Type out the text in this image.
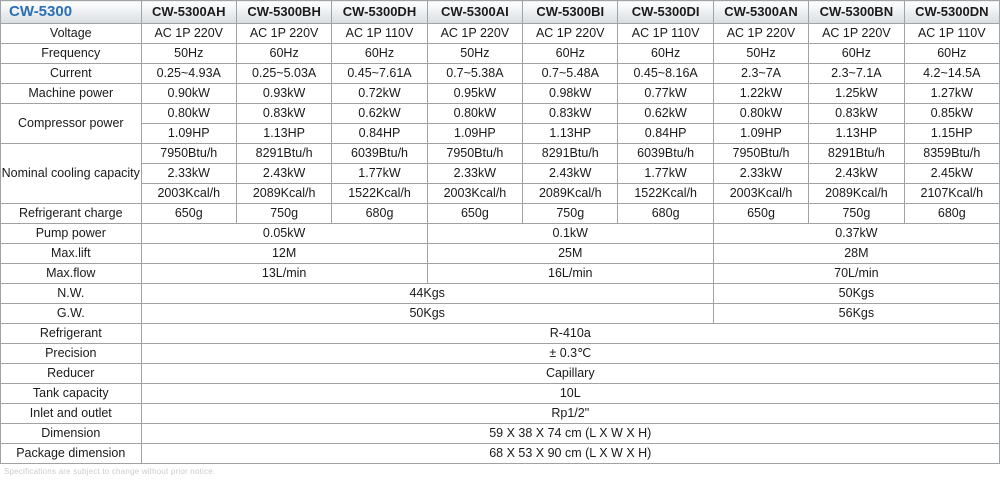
CW-5300	CW-5300AH	CW-5300BH	CW-5300DH	CW-5300AI	CW-5300BI	CW-5300DI	CW-5300AN	CW-5300BN	CW-5300DN
Voltage	AC 1P 220V	AC 1P 220V	AC 1P 110V	AC 1P 220V	AC 1P 220V	AC 1P 110V	AC 1P 220V	AC 1P 220V	AC 1P 110V
Frequency	50Hz	60Hz	60Hz	50Hz	60Hz	60Hz	50Hz	60Hz	60Hz
Current	0.25~4.93A	0.25~5.03A	0.45~7.61A	0.7~5.38A	0.7~5.48A	0.45~8.16A	2.3~7A	2.3~7.1A	4.2~14.5A
Machine power	0.90kW	0.93kW	0.72kW	0.95kW	0.98kW	0.77kW	1.22kW	1.25kW	1.27kW
Compressor power	0.80kW	0.83kW	0.62kW	0.80kW	0.83kW	0.62kW	0.80kW	0.83kW	0.85kW
	1.09HP	1.13HP	0.84HP	1.09HP	1.13HP	0.84HP	1.09HP	1.13HP	1.15HP
Nominal cooling capacity	7950Btu/h	8291Btu/h	6039Btu/h	7950Btu/h	8291Btu/h	6039Btu/h	7950Btu/h	8291Btu/h	8359Btu/h
	2.33kW	2.43kW	1.77kW	2.33kW	2.43kW	1.77kW	2.33kW	2.43kW	2.45kW
	2003Kcal/h	2089Kcal/h	1522Kcal/h	2003Kcal/h	2089Kcal/h	1522Kcal/h	2003Kcal/h	2089Kcal/h	2107Kcal/h
Refrigerant charge	650g	750g	680g	650g	750g	680g	650g	750g	680g
Pump power	0.05kW			0.1kW			0.37kW		
Max.lift	12M			25M			28M		
Max.flow	13L/min			16L/min			70L/min		
N.W.	44Kgs						50Kgs		
G.W.	50Kgs						56Kgs		
Refrigerant	R-410a								
Precision	± 0.3℃								
Reducer	Capillary								
Tank capacity	10L								
Inlet and outlet	Rp1/2"								
Dimension	59 X 38 X 74 cm (L X W X H)								
Package dimension	68 X 53 X 90 cm (L X W X H)								
Specifications are subject to change without prior notice.
